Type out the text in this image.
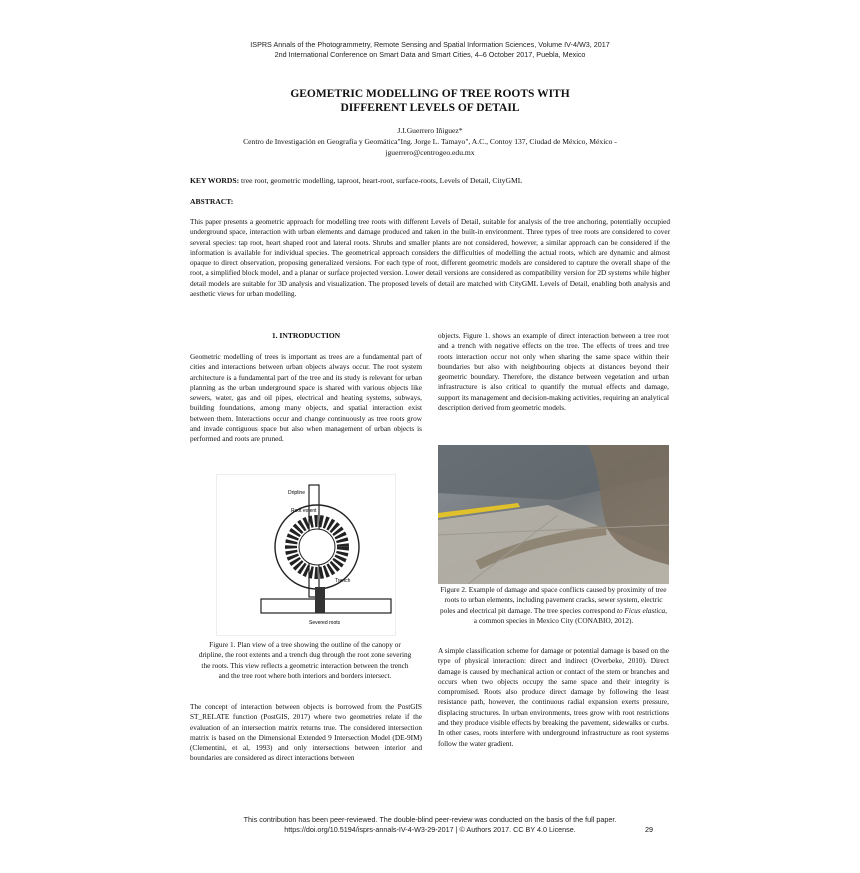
ISPRS Annals of the Photogrammetry, Remote Sensing and Spatial Information Sciences, Volume IV-4/W3, 2017
2nd International Conference on Smart Data and Smart Cities, 4–6 October 2017, Puebla, Mexico
GEOMETRIC MODELLING OF TREE ROOTS WITH
DIFFERENT LEVELS OF DETAIL
J.I.Guerrero Iñiguez*
Centro de Investigación en Geografía y Geomática"Ing. Jorge L. Tamayo", A.C., Contoy 137, Ciudad de México, México -
jguerrero@centrogeo.edu.mx
KEY WORDS: tree root, geometric modelling, taproot, heart-root, surface-roots, Levels of Detail, CityGML
ABSTRACT:
This paper presents a geometric approach for modelling tree roots with different Levels of Detail, suitable for analysis of the tree anchoring, potentially occupied underground space, interaction with urban elements and damage produced and taken in the built-in environment. Three types of tree roots are considered to cover several species: tap root, heart shaped root and lateral roots. Shrubs and smaller plants are not considered, however, a similar approach can be considered if the information is available for individual species. The geometrical approach considers the difficulties of modelling the actual roots, which are dynamic and almost opaque to direct observation, proposing generalized versions. For each type of root, different geometric models are considered to capture the overall shape of the root, a simplified block model, and a planar or surface projected version. Lower detail versions are considered as compatibility version for 2D systems while higher detail models are suitable for 3D analysis and visualization. The proposed levels of detail are matched with CityGML Levels of Detail, enabling both analysis and aesthetic views for urban modelling.
1. INTRODUCTION

Geometric modelling of trees is important as trees are a fundamental part of cities and interactions between urban objects always occur. The root system architecture is a fundamental part of the tree and its study is relevant for urban planning as the urban underground space is shared with various objects like sewers, water, gas and oil pipes, electrical and heating systems, subways, building foundations, among many objects, and spatial interaction exist between them. Interactions occur and change continuously as tree roots grow and invade contiguous space but also when management of urban objects is performed and roots are pruned.

Dripline
Root extent
Trench
Severed roots
Figure 1. Plan view of a tree showing the outline of the canopy or dripline, the root extents and a trench dug through the root zone severing the roots. This view reflects a geometric interaction between the trench and the tree root where both interiors and borders intersect.

The concept of interaction between objects is borrowed from the PostGIS ST_RELATE function (PostGIS, 2017) where two geometries relate if the evaluation of an intersection matrix returns true. The considered intersection matrix is based on the Dimensional Extended 9 Intersection Model (DE-9IM) (Clementini, et al, 1993) and only intersections between interior and boundaries are considered as direct interactions between

objects. Figure 1. shows an example of direct interaction between a tree root and a trench with negative effects on the tree. The effects of trees and tree roots interaction occur not only when sharing the same space within their boundaries but also with neighbouring objects at distances beyond their geometric boundary. Therefore, the distance between vegetation and urban infrastructure is also critical to quantify the mutual effects and damage, support its management and decision-making activities, requiring an analytical description derived from geometric models.

Figure 2. Example of damage and space conflicts caused by proximity of tree roots to urban elements, including pavement cracks, sewer system, electric poles and electrical pit damage. The tree species correspond to Ficus elastica, a common species in Mexico City (CONABIO, 2012).

A simple classification scheme for damage or potential damage is based on the type of physical interaction: direct and indirect (Overbeke, 2010). Direct damage is caused by mechanical action or contact of the stem or branches and occurs when two objects occupy the same space and their integrity is compromised. Roots also produce direct damage by following the least resistance path, however, the continuous radial expansion exerts pressure, displacing structures. In urban environments, trees grow with root restrictions and they produce visible effects by breaking the pavement, sidewalks or curbs. In other cases, roots interfere with underground infrastructure as root systems follow the water gradient.

This contribution has been peer-reviewed. The double-blind peer-review was conducted on the basis of the full paper.
https://doi.org/10.5194/isprs-annals-IV-4-W3-29-2017 | © Authors 2017. CC BY 4.0 License.	29
